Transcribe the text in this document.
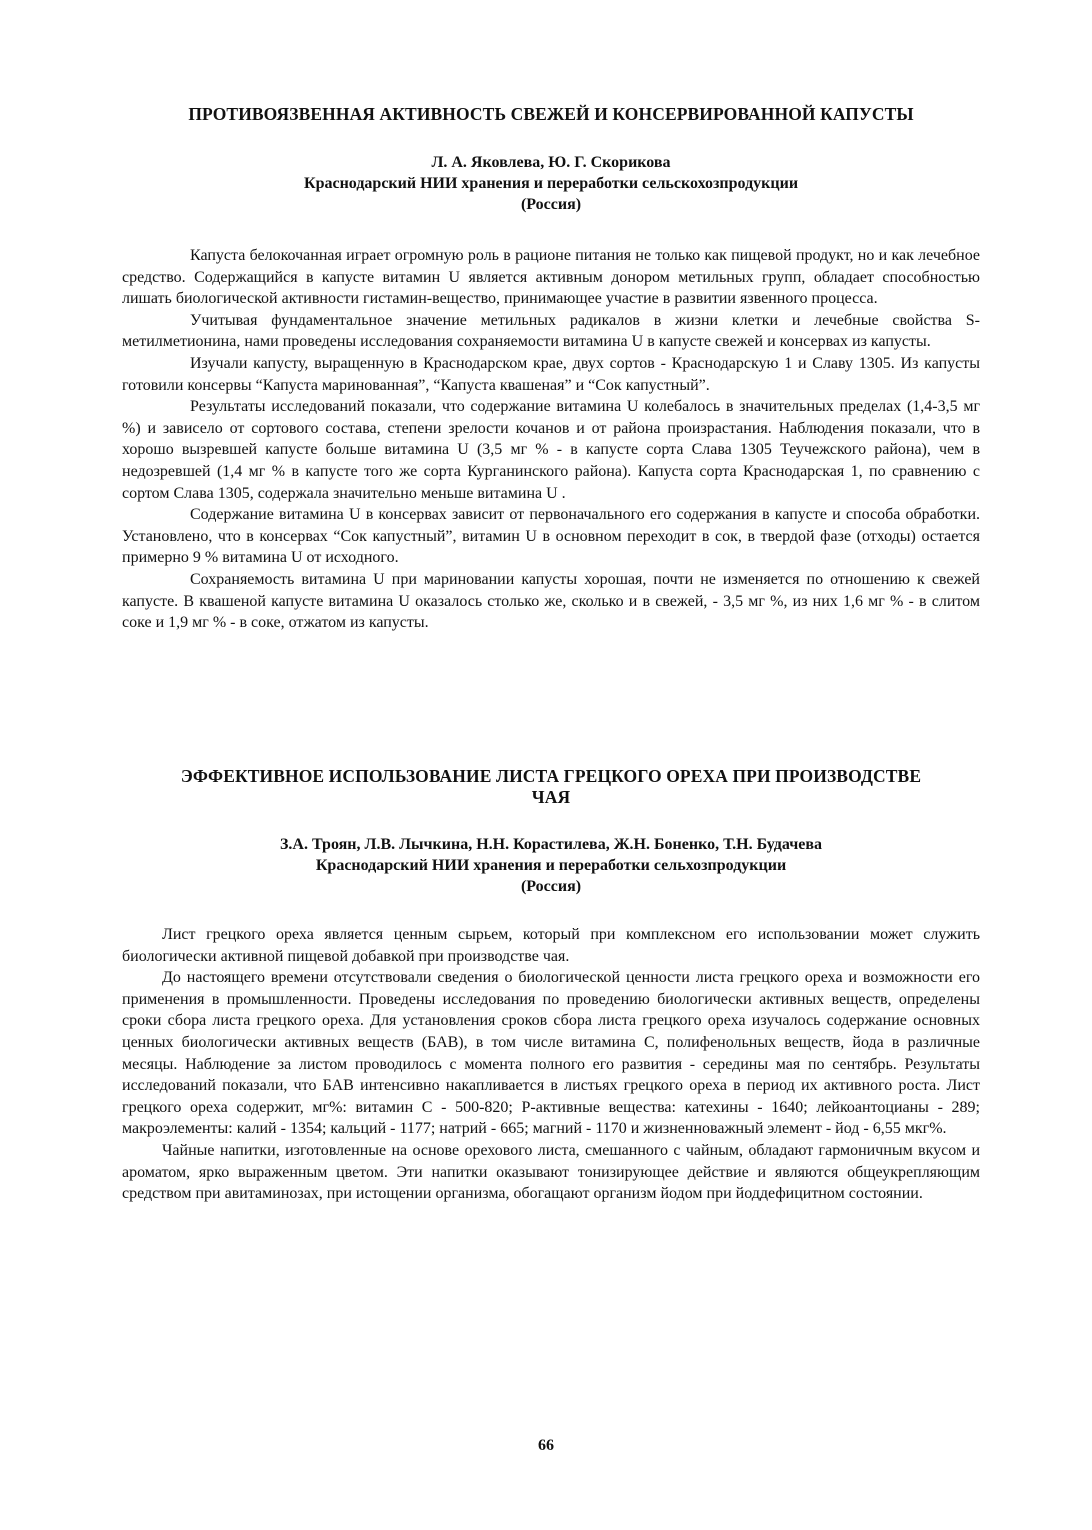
ПРОТИВОЯЗВЕННАЯ АКТИВНОСТЬ СВЕЖЕЙ И КОНСЕРВИРОВАННОЙ КАПУСТЫ
Л. А. Яковлева, Ю. Г. Скорикова
Краснодарский НИИ хранения и переработки сельскохозпродукции
(Россия)

Капуста белокочанная играет огромную роль в рационе питания не только как пищевой продукт, но и как лечебное средство. Содержащийся в капусте витамин U является активным донором метильных групп, обладает способностью лишать биологической активности гистамин-вещество, принимающее участие в развитии язвенного процесса.

Учитывая фундаментальное значение метильных радикалов в жизни клетки и лечебные свойства S-метилметионина, нами проведены исследования сохраняемости витамина U в капусте свежей и консервах из капусты.

Изучали капусту, выращенную в Краснодарском крае, двух сортов - Краснодарскую 1 и Славу 1305. Из капусты готовили консервы “Капуста маринованная”, “Капуста квашеная” и “Сок капустный”.

Результаты исследований показали, что содержание витамина U колебалось в значительных пределах (1,4-3,5 мг %) и зависело от сортового состава, степени зрелости кочанов и от района произрастания. Наблюдения показали, что в хорошо вызревшей капусте больше витамина U (3,5 мг % - в капусте сорта Слава 1305 Теучежского района), чем в недозревшей (1,4 мг % в капусте того же сорта Курганинского района). Капуста сорта Краснодарская 1, по сравнению с сортом Слава 1305, содержала значительно меньше витамина U .

Содержание витамина U в консервах зависит от первоначального его содержания в капусте и способа обработки. Установлено, что в консервах “Сок капустный”, витамин U в основном переходит в сок, в твердой фазе (отходы) остается примерно 9 % витамина U от исходного.

Сохраняемость витамина U при мариновании капусты хорошая, почти не изменяется по отношению к свежей капусте. В квашеной капусте витамина U оказалось столько же, сколько и в свежей, - 3,5 мг %, из них 1,6 мг % - в слитом соке и 1,9 мг % - в соке, отжатом из капусты.

ЭФФЕКТИВНОЕ ИСПОЛЬЗОВАНИЕ ЛИСТА ГРЕЦКОГО ОРЕХА ПРИ ПРОИЗВОДСТВЕ
ЧАЯ
З.А. Троян, Л.В. Лычкина, Н.Н. Корастилева, Ж.Н. Боненко, Т.Н. Будачева
Краснодарский НИИ хранения и переработки сельхозпродукции
(Россия)

Лист грецкого ореха является ценным сырьем, который при комплексном его использовании может служить биологически активной пищевой добавкой при производстве чая.

До настоящего времени отсутствовали сведения о биологической ценности листа грецкого ореха и возможности его применения в промышленности. Проведены исследования по проведению биологически активных веществ, определены сроки сбора листа грецкого ореха. Для установления сроков сбора листа грецкого ореха изучалось содержание основных ценных биологически активных веществ (БАВ), в том числе витамина С, полифенольных веществ, йода в различные месяцы. Наблюдение за листом проводилось с момента полного его развития - середины мая по сентябрь. Результаты исследований показали, что БАВ интенсивно накапливается в листьях грецкого ореха в период их активного роста. Лист грецкого ореха содержит, мг%: витамин С - 500-820; Р-активные вещества: катехины - 1640; лейкоантоцианы - 289; макроэлементы: калий - 1354; кальций - 1177; натрий - 665; магний - 1170 и жизненноважный элемент - йод - 6,55 мкг%.

Чайные напитки, изготовленные на основе орехового листа, смешанного с чайным, обладают гармоничным вкусом и ароматом, ярко выраженным цветом. Эти напитки оказывают тонизирующее действие и являются общеукрепляющим средством при авитаминозах, при истощении организма, обогащают организм йодом при йоддефицитном состоянии.

66
